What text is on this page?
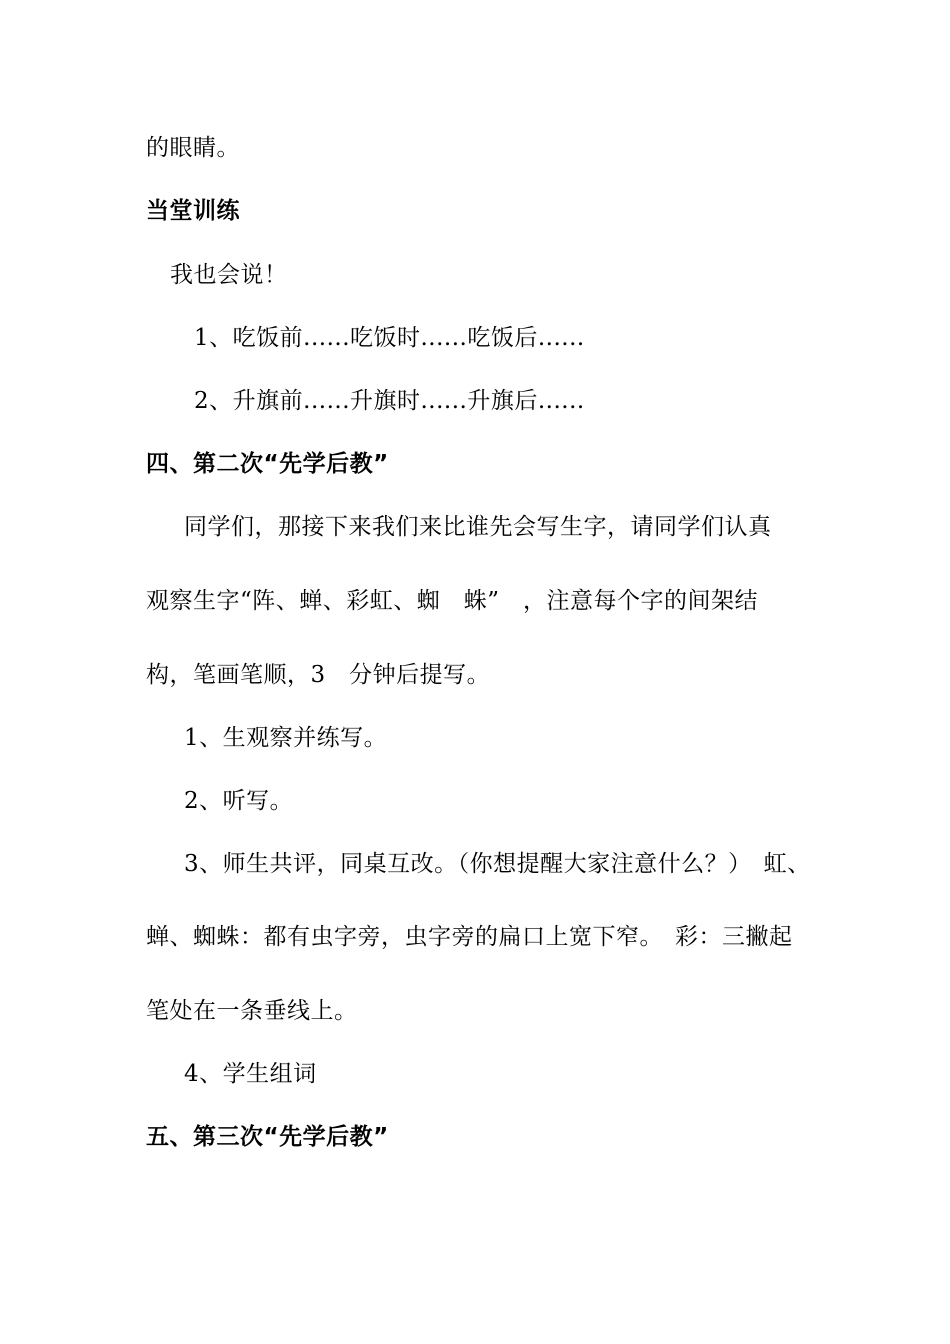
的眼睛。
当堂训练
我也会说！
1、吃饭前......吃饭时......吃饭后......
2、升旗前......升旗时......升旗后......
四、第二次“先学后教”
同学们，那接下来我们来比谁先会写生字，请同学们认真
观察生字“阵、蝉、彩虹、蜘　蛛”　，注意每个字的间架结
构，笔画笔顺，3　分钟后提写。
1、生观察并练写。
2、听写。
3、师生共评，同桌互改。（你想提醒大家注意什么？）　虹、
蝉、蜘蛛：都有虫字旁，虫字旁的扁口上宽下窄。　彩：三撇起
笔处在一条垂线上。
4、学生组词
五、第三次“先学后教”
